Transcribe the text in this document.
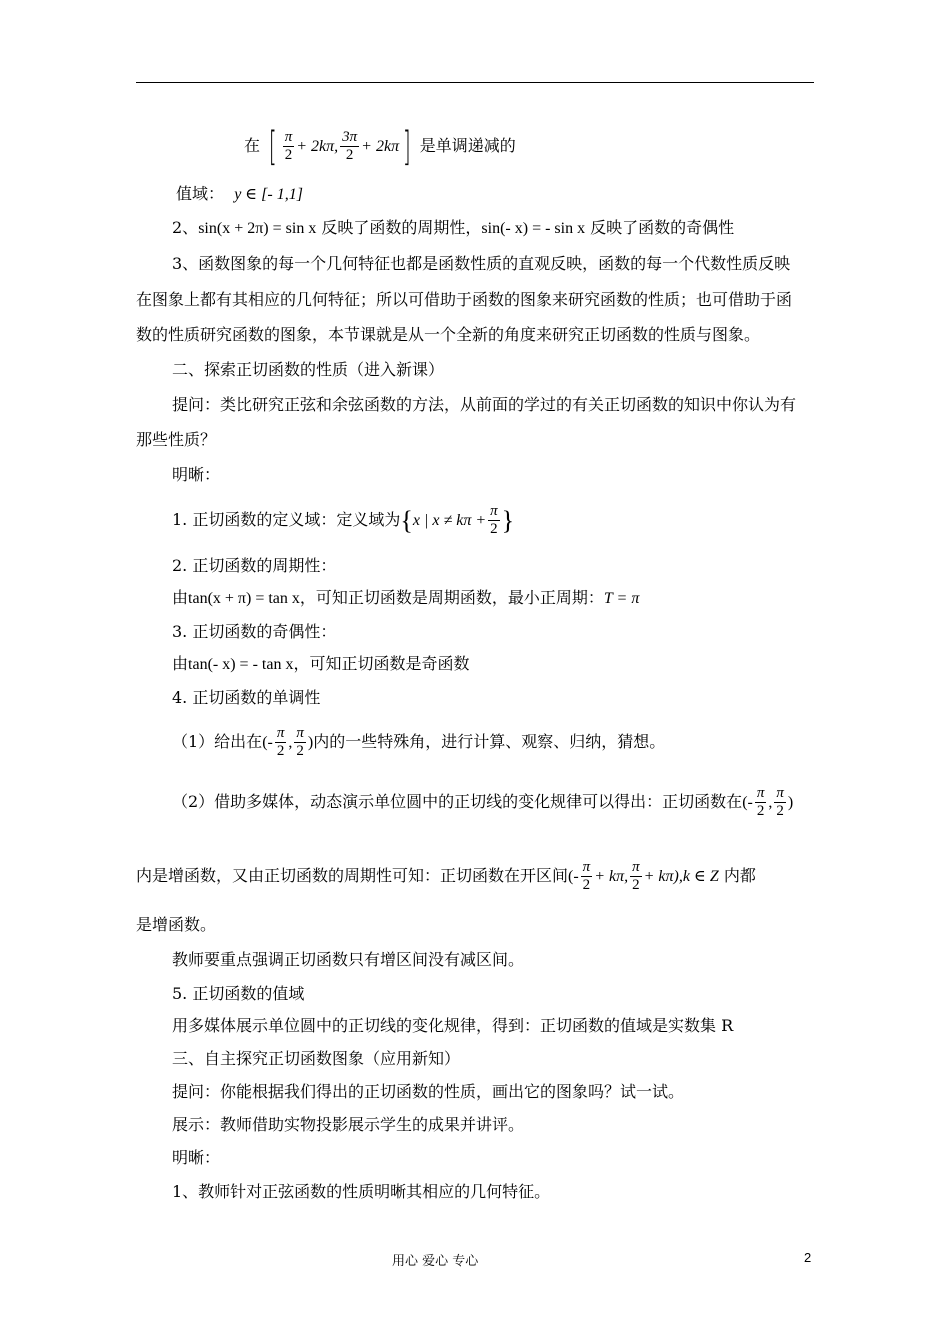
在 [ $\frac{\pi}{2} + 2k\pi$, $\frac{3\pi}{2} + 2k\pi$] 是单调递减的
值域： y ∈ [- 1,1]
2、sin(x + 2π) = sin x 反映了函数的周期性，sin(- x) = - sin x 反映了函数的奇偶性
3、函数图象的每一个几何特征也都是函数性质的直观反映，函数的每一个代数性质反映
在图象上都有其相应的几何特征；所以可借助于函数的图象来研究函数的性质；也可借助于函
数的性质研究函数的图象，本节课就是从一个全新的角度来研究正切函数的性质与图象。
二、探索正切函数的性质（进入新课）
提问：类比研究正弦和余弦函数的方法，从前面的学过的有关正切函数的知识中你认为有
那些性质？
明晰：
1. 正切函数的定义域：定义域为{x | $x \ne k\pi + \frac{\pi}{2}$ }
2. 正切函数的周期性：
由tan(x + π) = tan x，可知正切函数是周期函数，最小正周期：T = π
3. 正切函数的奇偶性：
由tan(- x) = - tan x，可知正切函数是奇函数
4. 正切函数的单调性
（1）给出在(- $\frac{\pi}{2}$ , $\frac{\pi}{2}$ )内的一些特殊角，进行计算、观察、归纳，猜想。
（2）借助多媒体，动态演示单位圆中的正切线的变化规律可以得出：正切函数在(- $\frac{\pi}{2}$ , $\frac{\pi}{2}$ )
内是增函数，又由正切函数的周期性可知：正切函数在开区间(- $\frac{\pi}{2} + k\pi$, $\frac{\pi}{2} + k\pi),k$ ∈ Z 内都
是增函数。
教师要重点强调正切函数只有增区间没有减区间。
5. 正切函数的值域
用多媒体展示单位圆中的正切线的变化规律，得到：正切函数的值域是实数集 R
三、自主探究正切函数图象（应用新知）
提问：你能根据我们得出的正切函数的性质，画出它的图象吗？试一试。
展示：教师借助实物投影展示学生的成果并讲评。
明晰：
1、教师针对正弦函数的性质明晰其相应的几何特征。
用心 爱心 专心	2
